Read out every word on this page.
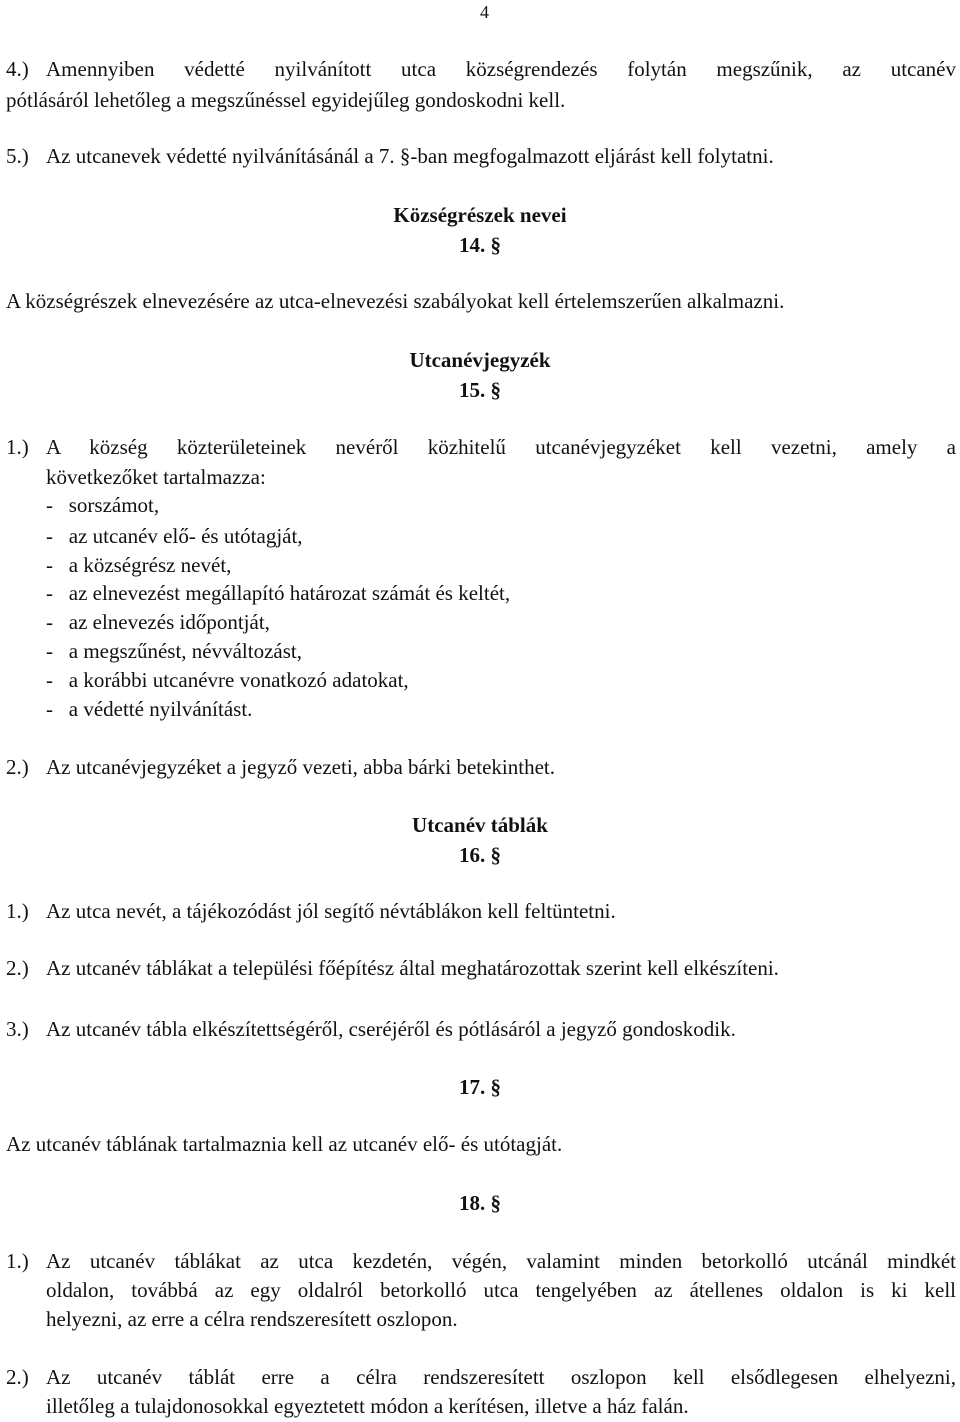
4
4.) Amennyiben védetté nyilvánított utca községrendezés folytán megszűnik, az utcanév
pótlásáról lehetőleg a megszűnéssel egyidejűleg gondoskodni kell.
5.) Az utcanevek védetté nyilvánításánál a 7. §-ban megfogalmazott eljárást kell folytatni.
Községrészek nevei
14. §
A községrészek elnevezésére az utca-elnevezési szabályokat kell értelemszerűen alkalmazni.
Utcanévjegyzék
15. §
1.) A község közterületeinek nevéről közhitelű utcanévjegyzéket kell vezetni, amely a
következőket tartalmazza:
-   sorszámot,
-   az utcanév elő- és utótagját,
-   a községrész nevét,
-   az elnevezést megállapító határozat számát és keltét,
-   az elnevezés időpontját,
-   a megszűnést, névváltozást,
-   a korábbi utcanévre vonatkozó adatokat,
-   a védetté nyilvánítást.
2.) Az utcanévjegyzéket a jegyző vezeti, abba bárki betekinthet.
Utcanév táblák
16. §
1.) Az utca nevét, a tájékozódást jól segítő névtáblákon kell feltüntetni.
2.) Az utcanév táblákat a települési főépítész által meghatározottak szerint kell elkészíteni.
3.) Az utcanév tábla elkészítettségéről, cseréjéről és pótlásáról a jegyző gondoskodik.
17. §
Az utcanév táblának tartalmaznia kell az utcanév elő- és utótagját.
18. §
1.) Az utcanév táblákat az utca kezdetén, végén, valamint minden betorkolló utcánál mindkét
oldalon, továbbá az egy oldalról betorkolló utca tengelyében az átellenes oldalon is ki kell
helyezni, az erre a célra rendszeresített oszlopon.
2.) Az utcanév táblát erre a célra rendszeresített oszlopon kell elsődlegesen elhelyezni,
illetőleg a tulajdonosokkal egyeztetett módon a kerítésen, illetve a ház falán.
